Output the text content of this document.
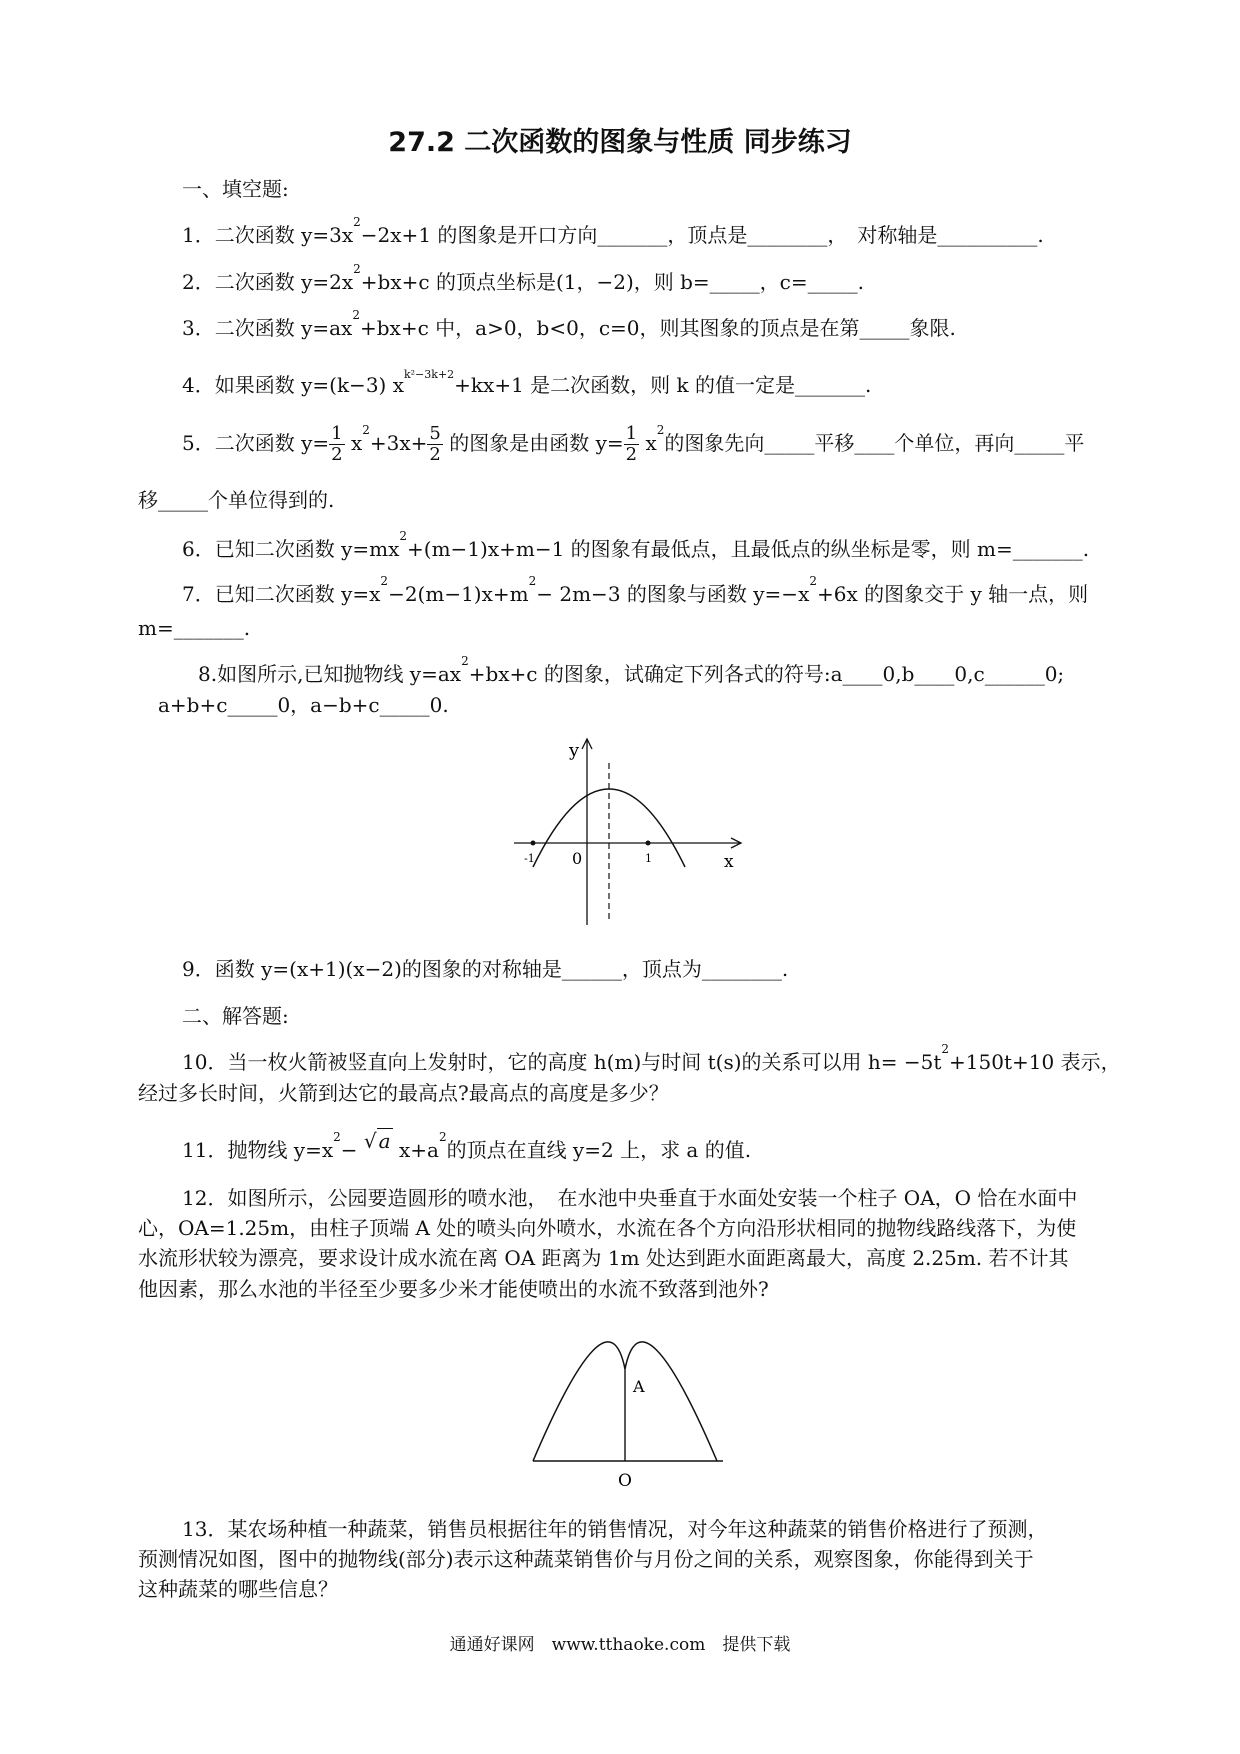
27.2 二次函数的图象与性质 同步练习
一、填空题:
1．二次函数 $y=3x^2-2x+1$ 的图象是开口方向_______，顶点是________，　对称轴是__________.
2．二次函数 $y=2x^2+bx+c$ 的顶点坐标是(1，−2)，则 b=_____，c=_____.
3．二次函数 $y=ax^2+bx+c$ 中，a>0，b<0，c=0，则其图象的顶点是在第_____象限.
4．如果函数 y=(k−3) $x^{k^2-3k+2}+kx+1$ 是二次函数，则 k 的值一定是_______.
5．二次函数 $y= \frac{1}{2} x^2+3x+ \frac{5}{2}$ 的图象是由函数 $y= \frac{1}{2} x^2$的图象先向_____平移____个单位，再向_____平
移_____个单位得到的.
6．已知二次函数 $y=mx^2+(m-1)x+m-1$ 的图象有最低点，且最低点的纵坐标是零，则 m=_______.
7．已知二次函数 $y=x^2-2(m-1)x+m^2- 2m-3$ 的图象与函数 $y=-x^2+6x$ 的图象交于 y 轴一点，则
m=_______.
8.如图所示,已知抛物线 $y=ax^2+bx+c$ 的图象，试确定下列各式的符号:a____0,b____0,c______0;
a+b+c_____0，a−b+c_____0.
y
x
0
-1	1
9．函数 y=(x+1)(x−2)的图象的对称轴是______，顶点为________.
二、解答题:
10．当一枚火箭被竖直向上发射时，它的高度 h(m)与时间 t(s)的关系可以用 $h= -5t^2+150t+10$ 表示，
经过多长时间，火箭到达它的最高点?最高点的高度是多少？
11．抛物线 $y=x^2-$ √ a $x+a^2$的顶点在直线 y=2 上，求 a 的值.
12．如图所示，公园要造圆形的喷水池，　在水池中央垂直于水面处安装一个柱子 OA，O 恰在水面中
心，OA=1.25m，由柱子顶端 A 处的喷头向外喷水，水流在各个方向沿形状相同的抛物线路线落下，为使
水流形状较为漂亮，要求设计成水流在离 OA 距离为 1m 处达到距水面距离最大，高度 2.25m. 若不计其
他因素，那么水池的半径至少要多少米才能使喷出的水流不致落到池外?
A
O
13．某农场种植一种蔬菜，销售员根据往年的销售情况，对今年这种蔬菜的销售价格进行了预测，
预测情况如图，图中的抛物线(部分)表示这种蔬菜销售价与月份之间的关系，观察图象，你能得到关于
这种蔬菜的哪些信息？
通通好课网　www.tthaoke.com　提供下载
